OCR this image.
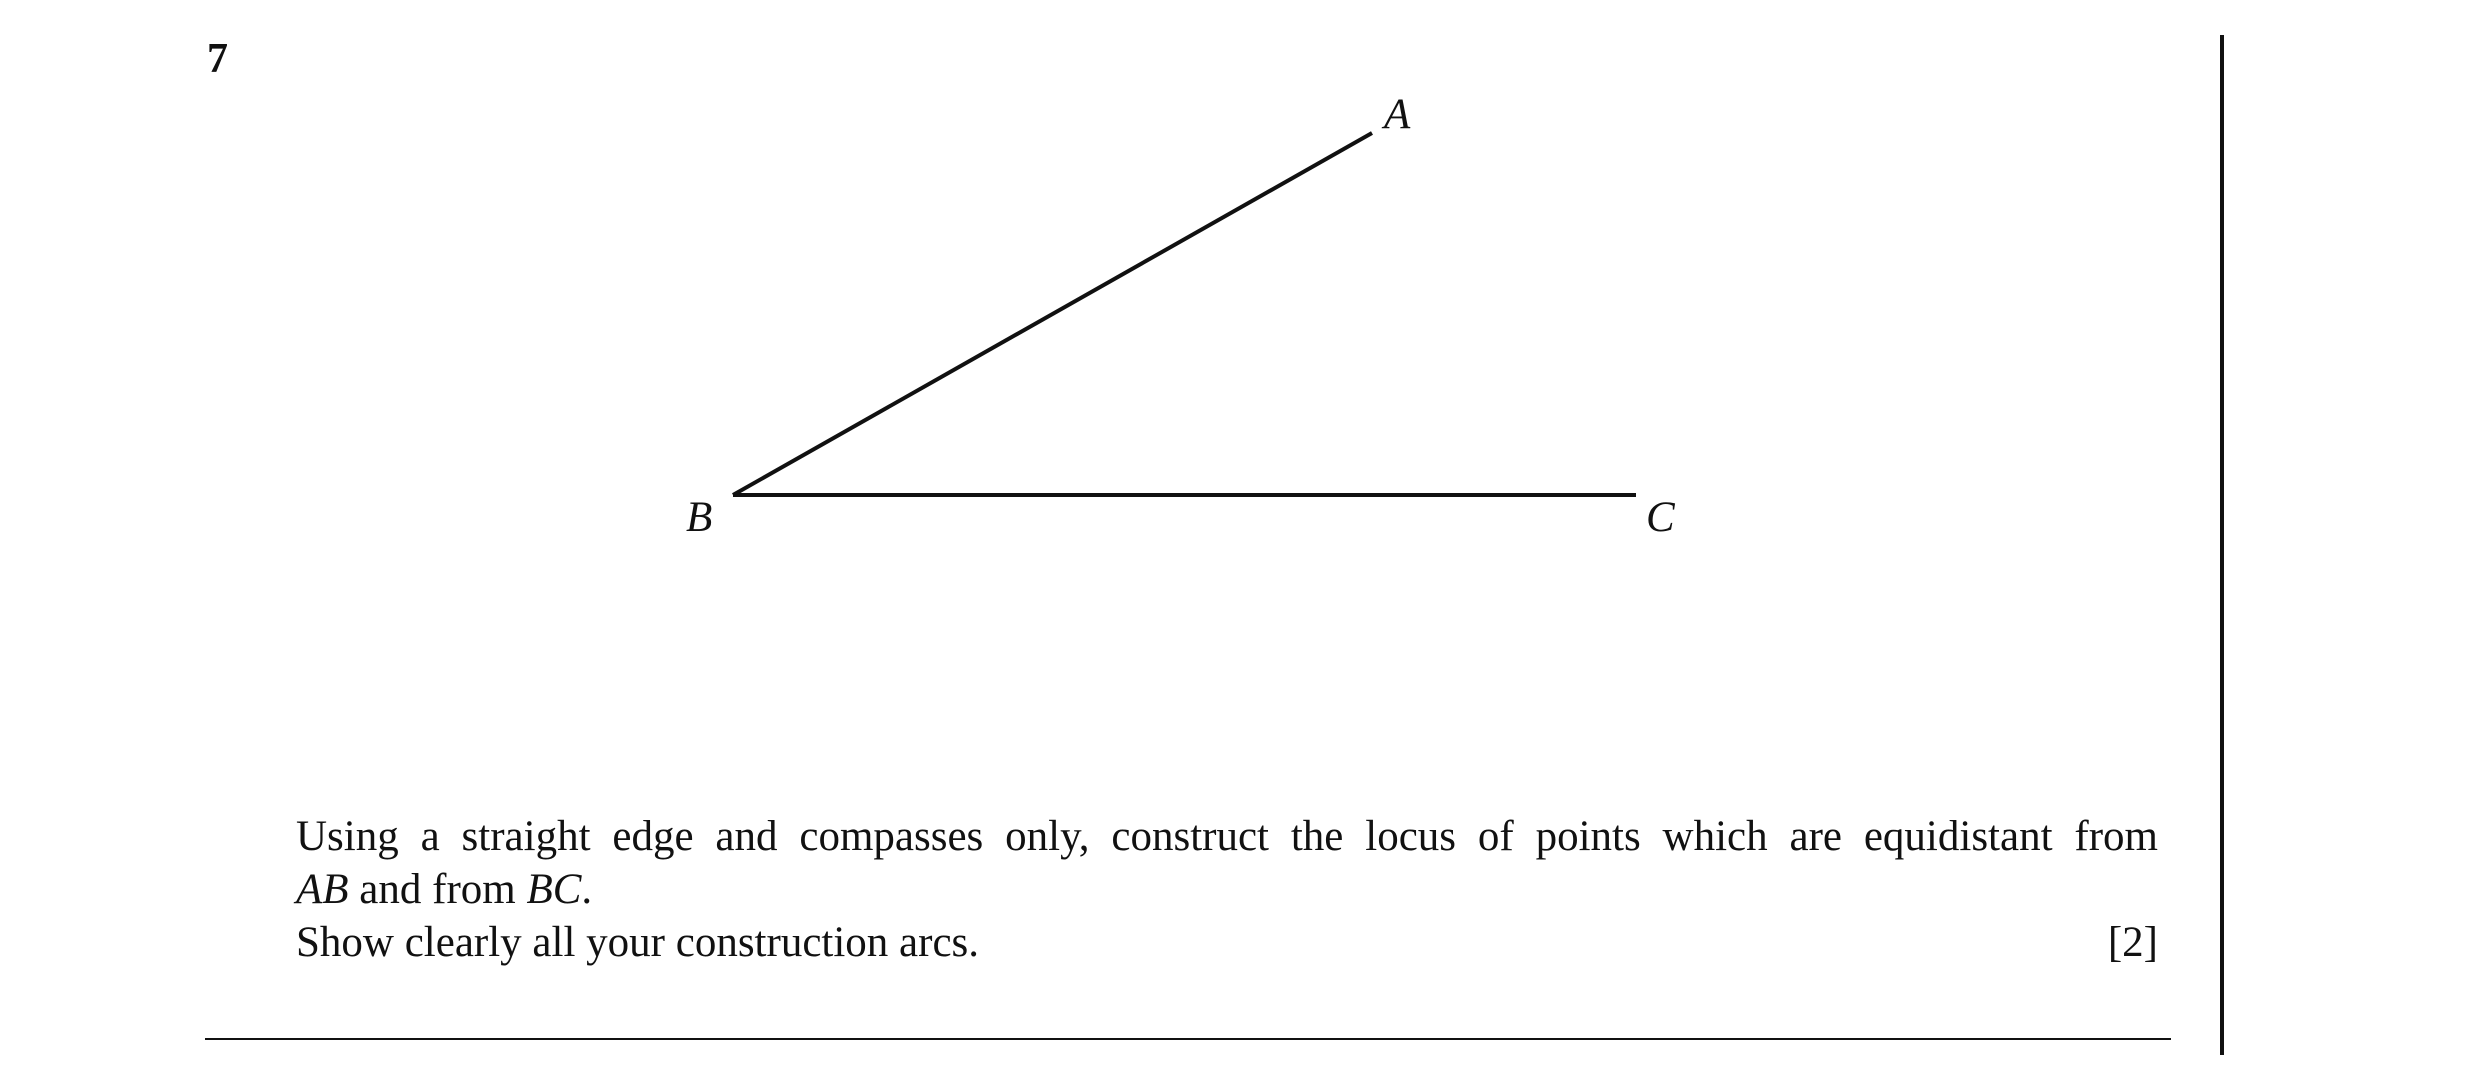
7
A
B	C

Using a straight edge and compasses only, construct the locus of points which are equidistant from

AB and from BC.

Show clearly all your construction arcs.	[2]
